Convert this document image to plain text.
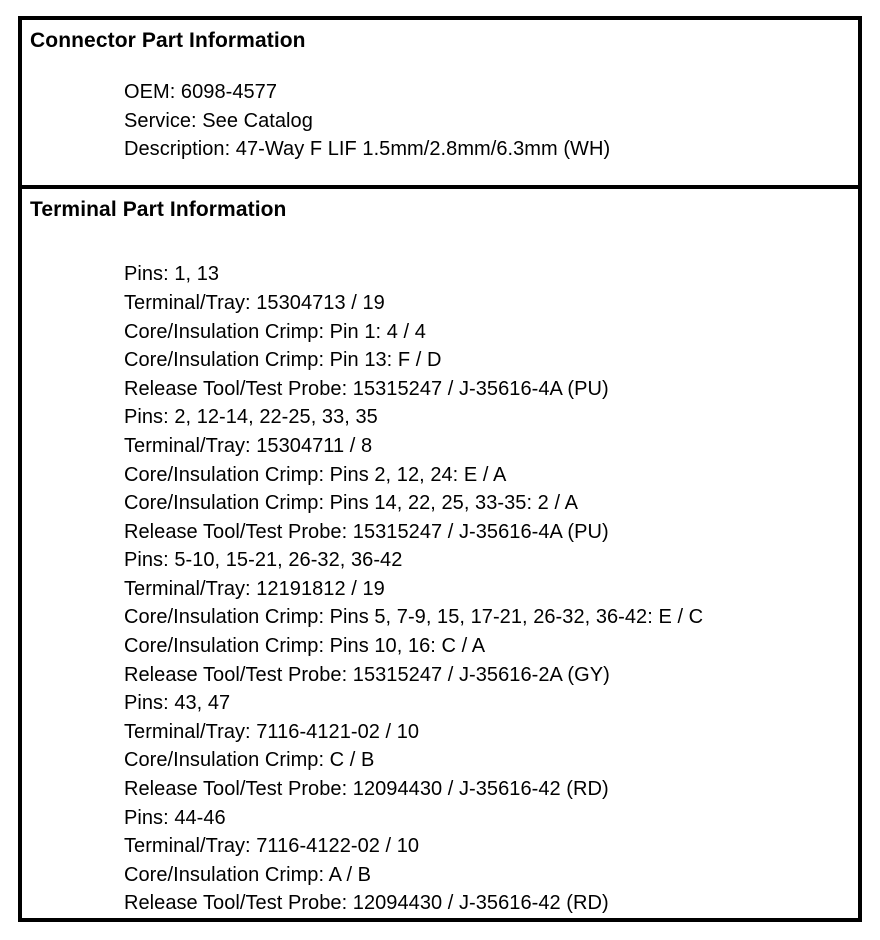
Connector Part Information
OEM: 6098-4577
Service: See Catalog
Description: 47-Way F LIF 1.5mm/2.8mm/6.3mm (WH)
Terminal Part Information
Pins: 1, 13
Terminal/Tray: 15304713 / 19
Core/Insulation Crimp: Pin 1: 4 / 4
Core/Insulation Crimp: Pin 13: F / D
Release Tool/Test Probe: 15315247 / J-35616-4A (PU)
Pins: 2, 12-14, 22-25, 33, 35
Terminal/Tray: 15304711 / 8
Core/Insulation Crimp: Pins 2, 12, 24: E / A
Core/Insulation Crimp: Pins 14, 22, 25, 33-35: 2 / A
Release Tool/Test Probe: 15315247 / J-35616-4A (PU)
Pins: 5-10, 15-21, 26-32, 36-42
Terminal/Tray: 12191812 / 19
Core/Insulation Crimp: Pins 5, 7-9, 15, 17-21, 26-32, 36-42: E / C
Core/Insulation Crimp: Pins 10, 16: C / A
Release Tool/Test Probe: 15315247 / J-35616-2A (GY)
Pins: 43, 47
Terminal/Tray: 7116-4121-02 / 10
Core/Insulation Crimp: C / B
Release Tool/Test Probe: 12094430 / J-35616-42 (RD)
Pins: 44-46
Terminal/Tray: 7116-4122-02 / 10
Core/Insulation Crimp: A / B
Release Tool/Test Probe: 12094430 / J-35616-42 (RD)
